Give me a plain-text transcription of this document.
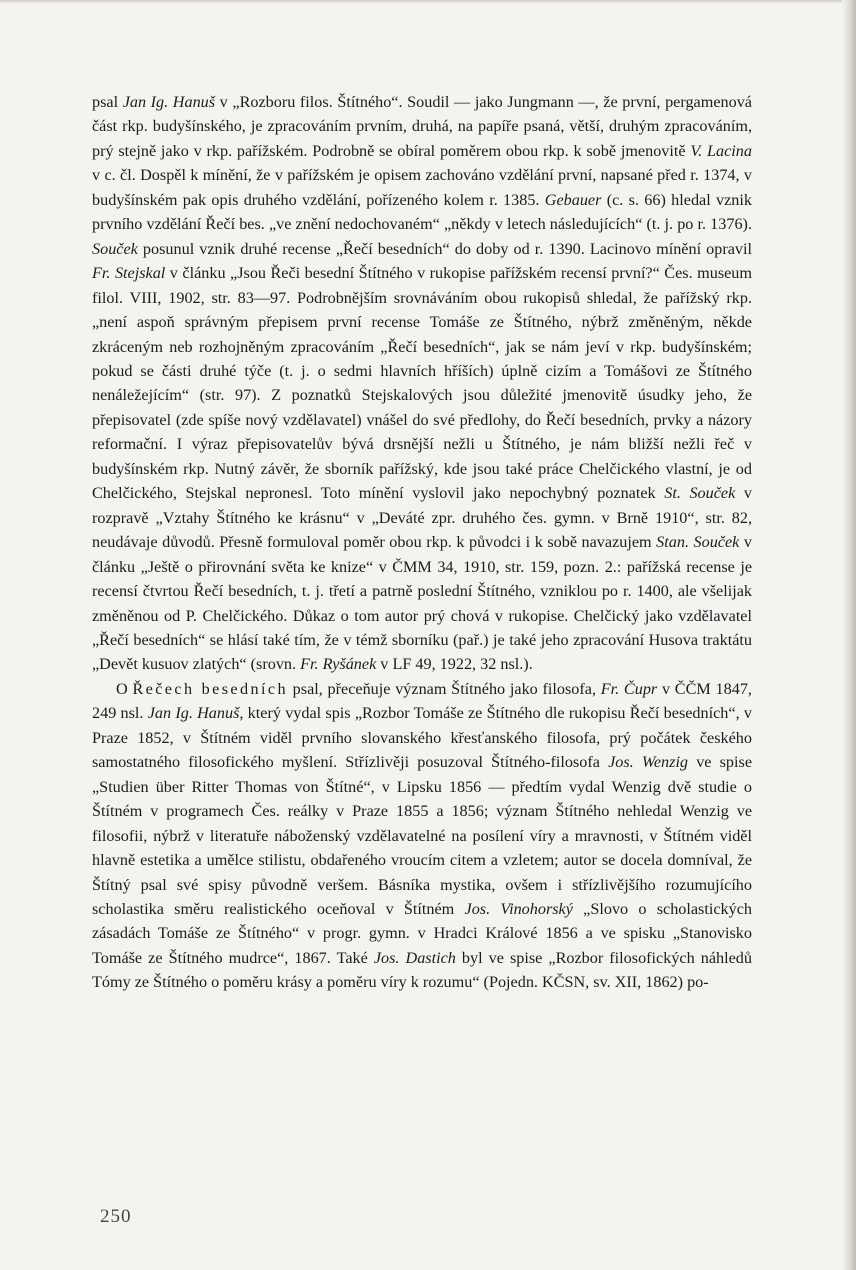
psal Jan Ig. Hanuš v „Rozboru filos. Štítného“. Soudil — jako Jungmann —, že první, pergamenová část rkp. budyšínského, je zpracováním prvním, druhá, na papíře psaná, větší, druhým zpracováním, prý stejně jako v rkp. pařížském. Podrobně se obíral poměrem obou rkp. k sobě jmenovitě V. Lacina v c. čl. Dospěl k mínění, že v pařížském je opisem zachováno vzdělání první, napsané před r. 1374, v budyšínském pak opis druhého vzdělání, pořízeného kolem r. 1385. Gebauer (c. s. 66) hledal vznik prvního vzdělání Řečí bes. „ve znění nedochovaném“ „někdy v letech následujících“ (t. j. po r. 1376). Souček posunul vznik druhé recense „Řečí besedních“ do doby od r. 1390. Lacinovo mínění opravil Fr. Stejskal v článku „Jsou Řeči besední Štítného v rukopise pařížském recensí první?“ Čes. museum filol. VIII, 1902, str. 83—97. Podrobnějším srovnáváním obou rukopisů shledal, že pařížský rkp. „není aspoň správným přepisem první recense Tomáše ze Štítného, nýbrž změněným, někde zkráceným neb rozhojněným zpracováním „Řečí besedních“, jak se nám jeví v rkp. budyšínském; pokud se části druhé týče (t. j. o sedmi hlavních hříších) úplně cizím a Tomášovi ze Štítného nenáležejícím“ (str. 97). Z poznatků Stejskalových jsou důležité jmenovitě úsudky jeho, že přepisovatel (zde spíše nový vzdělavatel) vnášel do své předlohy, do Řečí besedních, prvky a názory reformační. I výraz přepisovatelův bývá drsnější nežli u Štítného, je nám bližší nežli řeč v budyšínském rkp. Nutný závěr, že sborník pařížský, kde jsou také práce Chelčického vlastní, je od Chelčického, Stejskal nepronesl. Toto mínění vyslovil jako nepochybný poznatek St. Souček v rozpravě „Vztahy Štítného ke krásnu“ v „Deváté zpr. druhého čes. gymn. v Brně 1910“, str. 82, neudávaje důvodů. Přesně formuloval poměr obou rkp. k původci i k sobě navazujem Stan. Souček v článku „Ještě o přirovnání světa ke knize“ v ČMM 34, 1910, str. 159, pozn. 2.: pařížská recense je recensí čtvrtou Řečí besedních, t. j. třetí a patrně poslední Štítného, vzniklou po r. 1400, ale všelijak změněnou od P. Chelčického. Důkaz o tom autor prý chová v rukopise. Chelčický jako vzdělavatel „Řečí besedních“ se hlásí také tím, že v témž sborníku (pař.) je také jeho zpracování Husova traktátu „Devět kusuov zlatých“ (srovn. Fr. Ryšánek v LF 49, 1922, 32 nsl.).

O Řečech besedních psal, přeceňuje význam Štítného jako filosofa, Fr. Čupr v ČČM 1847, 249 nsl. Jan Ig. Hanuš, který vydal spis „Rozbor Tomáše ze Štítného dle rukopisu Řečí besedních“, v Praze 1852, v Štítném viděl prvního slovanského křesťanského filosofa, prý počátek českého samostatného filosofického myšlení. Střízlivěji posuzoval Štítného-filosofa Jos. Wenzig ve spise „Studien über Ritter Thomas von Štítné“, v Lipsku 1856 — předtím vydal Wenzig dvě studie o Štítném v programech Čes. reálky v Praze 1855 a 1856; význam Štítného nehledal Wenzig ve filosofii, nýbrž v literatuře náboženský vzdělavatelné na posílení víry a mravnosti, v Štítném viděl hlavně estetika a umělce stilistu, obdařeného vroucím citem a vzletem; autor se docela domníval, že Štítný psal své spisy původně veršem. Básníka mystika, ovšem i střízlivějšího rozumujícího scholastika směru realistického oceňoval v Štítném Jos. Vinohorský „Slovo o scholastických zásadách Tomáše ze Štítného“ v progr. gymn. v Hradci Králové 1856 a ve spisku „Stanovisko Tomáše ze Štítného mudrce“, 1867. Také Jos. Dastich byl ve spise „Rozbor filosofických náhledů Tómy ze Štítného o poměru krásy a poměru víry k rozumu“ (Pojedn. KČSN, sv. XII, 1862) po-

250
